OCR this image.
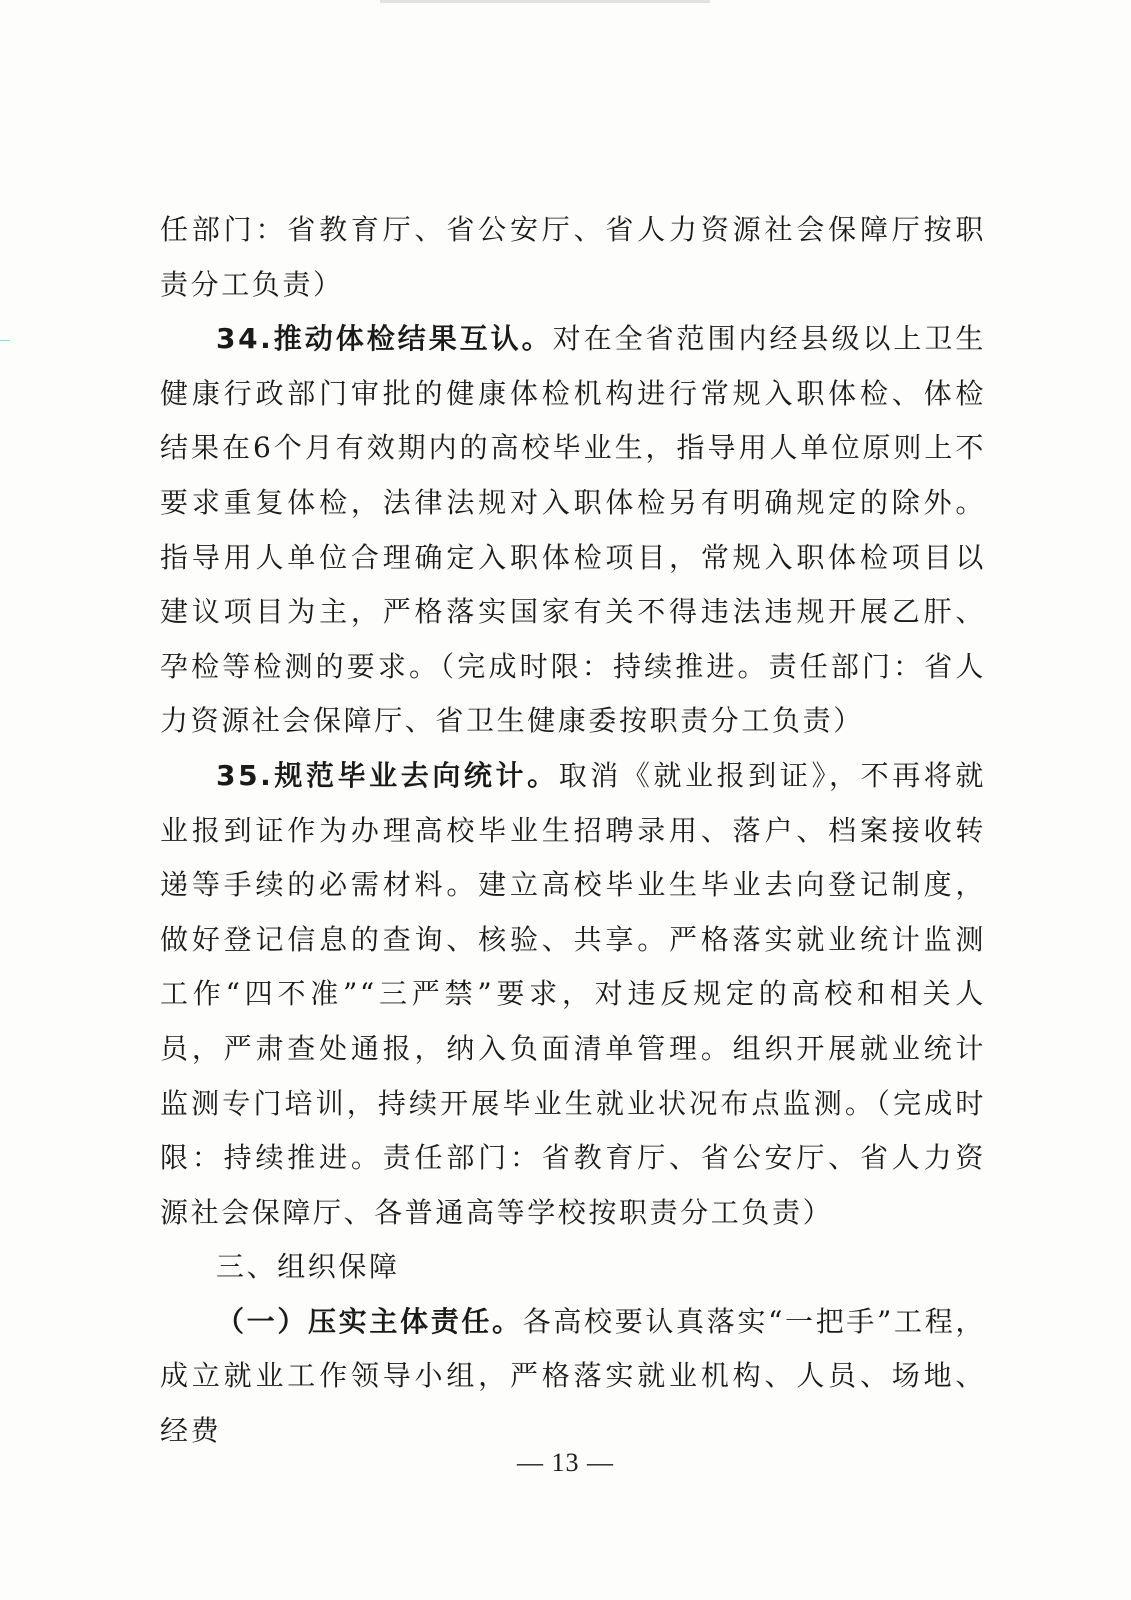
任部门：省教育厅、省公安厅、省人力资源社会保障厅按职责分工负责）

34.推动体检结果互认。对在全省范围内经县级以上卫生健康行政部门审批的健康体检机构进行常规入职体检、体检结果在6个月有效期内的高校毕业生，指导用人单位原则上不要求重复体检，法律法规对入职体检另有明确规定的除外。指导用人单位合理确定入职体检项目，常规入职体检项目以建议项目为主，严格落实国家有关不得违法违规开展乙肝、孕检等检测的要求。（完成时限：持续推进。责任部门：省人力资源社会保障厅、省卫生健康委按职责分工负责）

35.规范毕业去向统计。取消《就业报到证》，不再将就业报到证作为办理高校毕业生招聘录用、落户、档案接收转递等手续的必需材料。建立高校毕业生毕业去向登记制度，做好登记信息的查询、核验、共享。严格落实就业统计监测工作“四不准”“三严禁”要求，对违反规定的高校和相关人员，严肃查处通报，纳入负面清单管理。组织开展就业统计监测专门培训，持续开展毕业生就业状况布点监测。（完成时限：持续推进。责任部门：省教育厅、省公安厅、省人力资源社会保障厅、各普通高等学校按职责分工负责）

三、组织保障

（一）压实主体责任。各高校要认真落实“一把手”工程，成立就业工作领导小组，严格落实就业机构、人员、场地、经费

— 13 —
